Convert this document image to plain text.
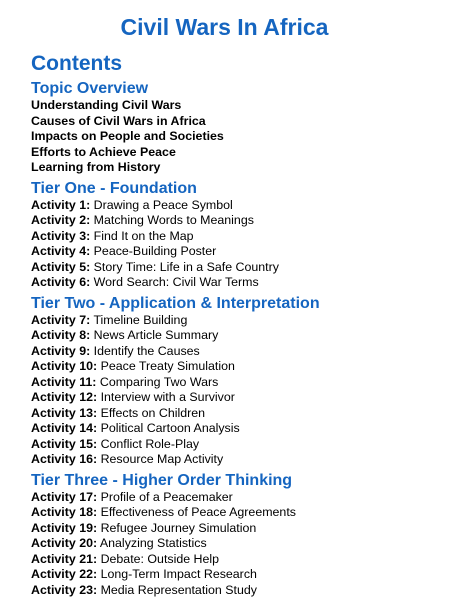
Civil Wars In Africa
Contents
Topic Overview
Understanding Civil Wars
Causes of Civil Wars in Africa
Impacts on People and Societies
Efforts to Achieve Peace
Learning from History
Tier One - Foundation
Activity 1: Drawing a Peace Symbol
Activity 2: Matching Words to Meanings
Activity 3: Find It on the Map
Activity 4: Peace-Building Poster
Activity 5: Story Time: Life in a Safe Country
Activity 6: Word Search: Civil War Terms
Tier Two - Application & Interpretation
Activity 7: Timeline Building
Activity 8: News Article Summary
Activity 9: Identify the Causes
Activity 10: Peace Treaty Simulation
Activity 11: Comparing Two Wars
Activity 12: Interview with a Survivor
Activity 13: Effects on Children
Activity 14: Political Cartoon Analysis
Activity 15: Conflict Role-Play
Activity 16: Resource Map Activity
Tier Three - Higher Order Thinking
Activity 17: Profile of a Peacemaker
Activity 18: Effectiveness of Peace Agreements
Activity 19: Refugee Journey Simulation
Activity 20: Analyzing Statistics
Activity 21: Debate: Outside Help
Activity 22: Long-Term Impact Research
Activity 23: Media Representation Study
